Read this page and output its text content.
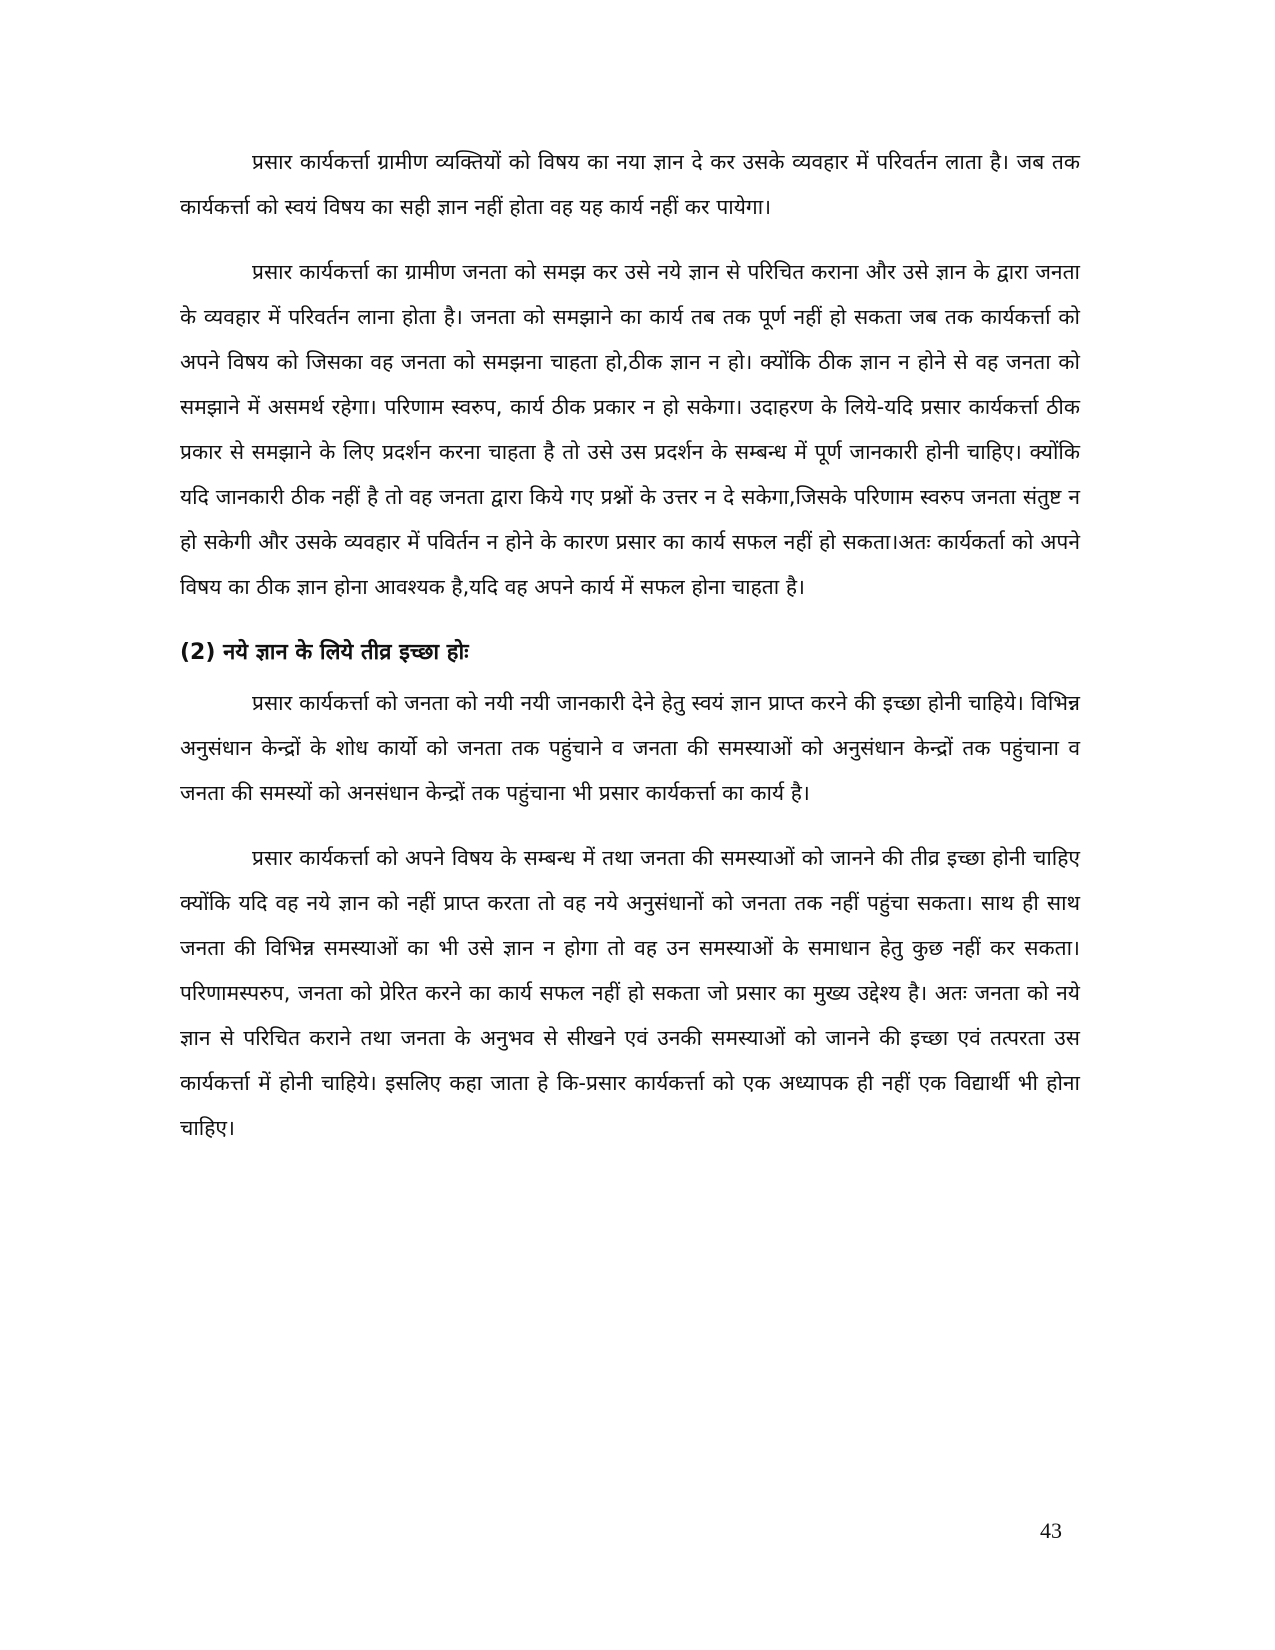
प्रसार कार्यकर्त्ता ग्रामीण व्यक्तियों को विषय का नया ज्ञान दे कर उसके व्यवहार में परिवर्तन लाता है। जब तक कार्यकर्त्ता को स्वयं विषय का सही ज्ञान नहीं होता वह यह कार्य नहीं कर पायेगा।

प्रसार कार्यकर्त्ता का ग्रामीण जनता को समझ कर उसे नये ज्ञान से परिचित कराना और उसे ज्ञान के द्वारा जनता के व्यवहार में परिवर्तन लाना होता है। जनता को समझाने का कार्य तब तक पूर्ण नहीं हो सकता जब तक कार्यकर्त्ता को अपने विषय को जिसका वह जनता को समझना चाहता हो,ठीक ज्ञान न हो। क्योंकि ठीक ज्ञान न होने से वह जनता को समझाने में असमर्थ रहेगा। परिणाम स्वरुप, कार्य ठीक प्रकार न हो सकेगा। उदाहरण के लिये-यदि प्रसार कार्यकर्त्ता ठीक प्रकार से समझाने के लिए प्रदर्शन करना चाहता है तो उसे उस प्रदर्शन के सम्बन्ध में पूर्ण जानकारी होनी चाहिए। क्योंकि यदि जानकारी ठीक नहीं है तो वह जनता द्वारा किये गए प्रश्नों के उत्तर न दे सकेगा,जिसके परिणाम स्वरुप जनता संतुष्ट न हो सकेगी और उसके व्यवहार में पविर्तन न होने के कारण प्रसार का कार्य सफल नहीं हो सकता।अतः कार्यकर्ता को अपने विषय का ठीक ज्ञान होना आवश्यक है,यदि वह अपने कार्य में सफल होना चाहता है।

(2) नये ज्ञान के लिये तीव्र इच्छा होः

प्रसार कार्यकर्त्ता को जनता को नयी नयी जानकारी देने हेतु स्वयं ज्ञान प्राप्त करने की इच्छा होनी चाहिये। विभिन्न अनुसंधान केन्द्रों के शोध कार्यो को जनता तक पहुंचाने व जनता की समस्याओं को अनुसंधान केन्द्रों तक पहुंचाना व जनता की समस्यों को अनसंधान केन्द्रों तक पहुंचाना भी प्रसार कार्यकर्त्ता का कार्य है।

प्रसार कार्यकर्त्ता को अपने विषय के सम्बन्ध में तथा जनता की समस्याओं को जानने की तीव्र इच्छा होनी चाहिए क्योंकि यदि वह नये ज्ञान को नहीं प्राप्त करता तो वह नये अनुसंधानों को जनता तक नहीं पहुंचा सकता। साथ ही साथ जनता की विभिन्न समस्याओं का भी उसे ज्ञान न होगा तो वह उन समस्याओं के समाधान हेतु कुछ नहीं कर सकता। परिणामस्परुप, जनता को प्रेरित करने का कार्य सफल नहीं हो सकता जो प्रसार का मुख्य उद्देश्य है। अतः जनता को नये ज्ञान से परिचित कराने तथा जनता के अनुभव से सीखने एवं उनकी समस्याओं को जानने की इच्छा एवं तत्परता उस कार्यकर्त्ता में होनी चाहिये। इसलिए कहा जाता हे कि-प्रसार कार्यकर्त्ता को एक अध्यापक ही नहीं एक विद्यार्थी भी होना चाहिए।

43
